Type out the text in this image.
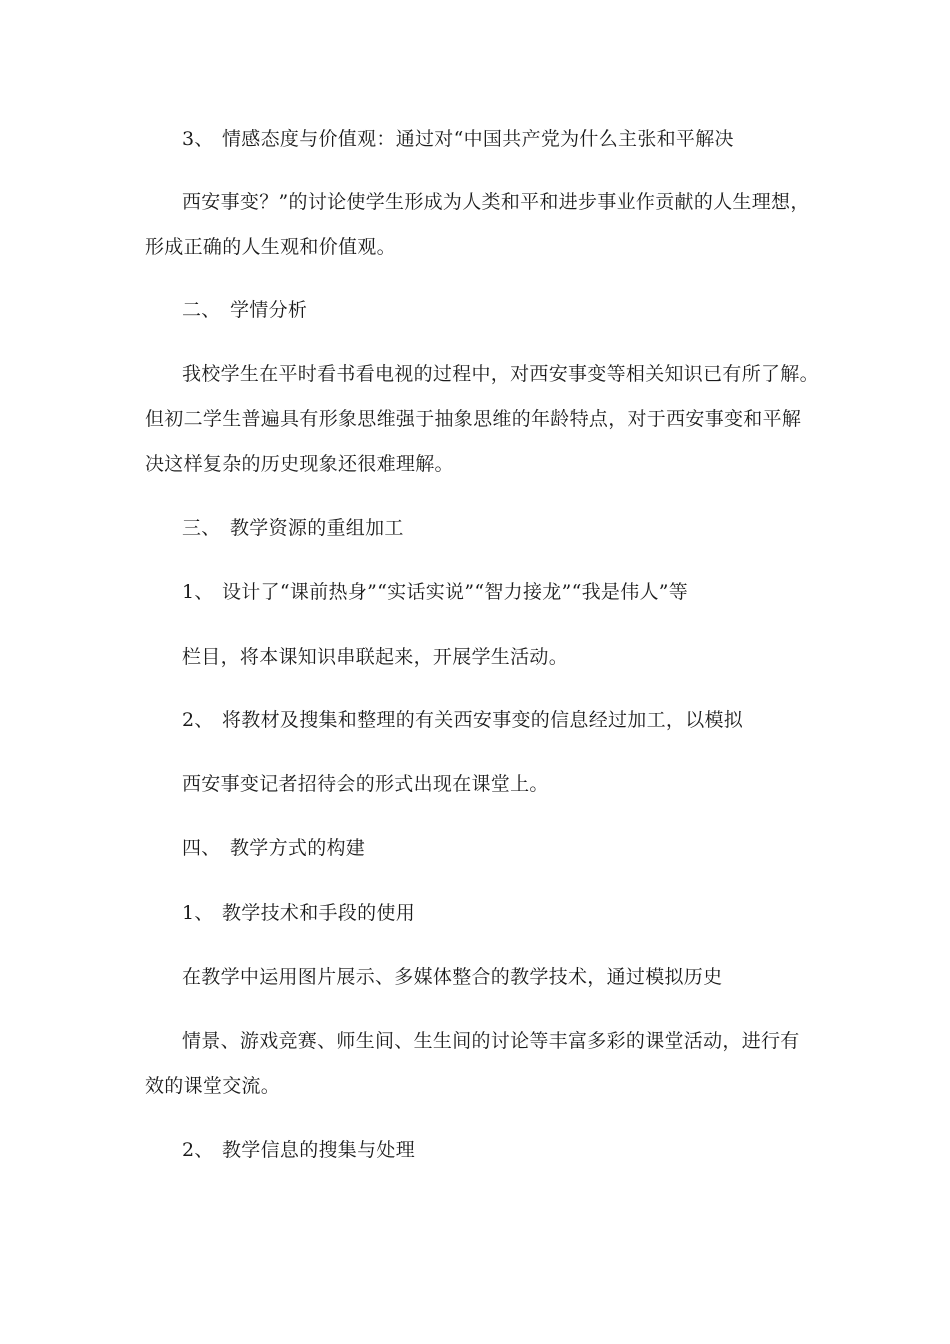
3、 情感态度与价值观：通过对“中国共产党为什么主张和平解决
西安事变？”的讨论使学生形成为人类和平和进步事业作贡献的人生理想，
形成正确的人生观和价值观。
二、 学情分析
我校学生在平时看书看电视的过程中，对西安事变等相关知识已有所了解。
但初二学生普遍具有形象思维强于抽象思维的年龄特点，对于西安事变和平解
决这样复杂的历史现象还很难理解。
三、 教学资源的重组加工
1、 设计了“课前热身”“实话实说”“智力接龙”“我是伟人”等
栏目，将本课知识串联起来，开展学生活动。
2、 将教材及搜集和整理的有关西安事变的信息经过加工，以模拟
西安事变记者招待会的形式出现在课堂上。
四、 教学方式的构建
1、 教学技术和手段的使用
在教学中运用图片展示、多媒体整合的教学技术，通过模拟历史
情景、游戏竞赛、师生间、生生间的讨论等丰富多彩的课堂活动，进行有
效的课堂交流。
2、 教学信息的搜集与处理
